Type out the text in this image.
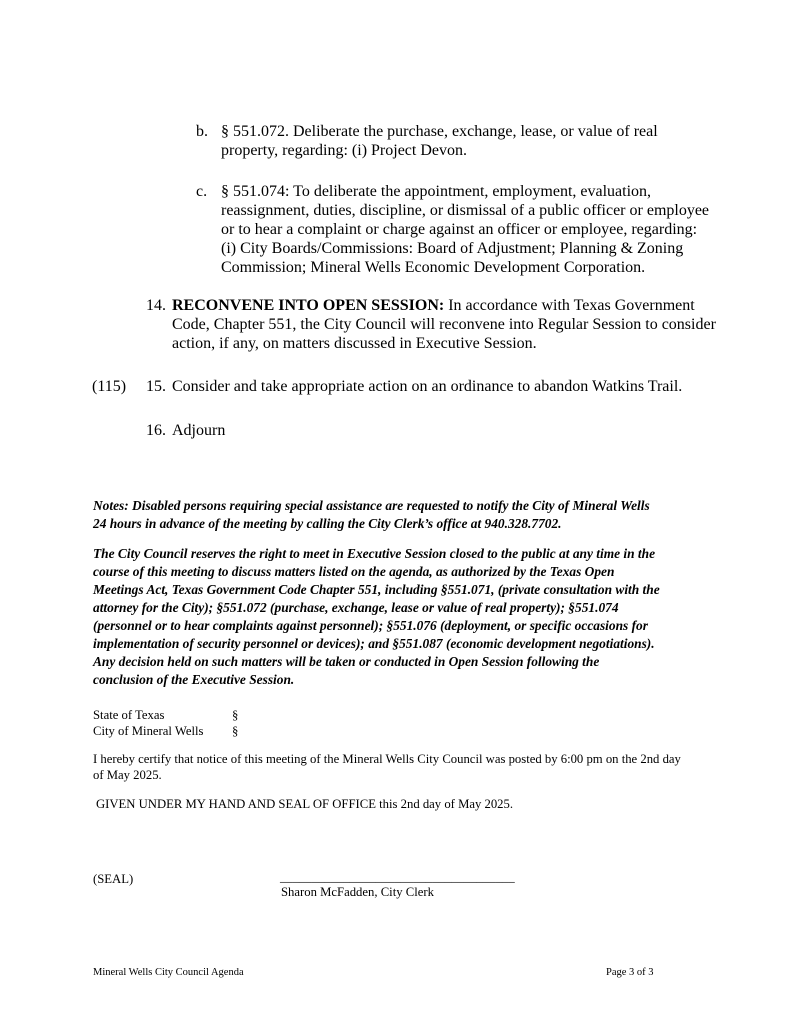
b. § 551.072. Deliberate the purchase, exchange, lease, or value of real
property, regarding: (i) Project Devon.
c. § 551.074: To deliberate the appointment, employment, evaluation,
reassignment, duties, discipline, or dismissal of a public officer or employee
or to hear a complaint or charge against an officer or employee, regarding:
(i) City Boards/Commissions: Board of Adjustment; Planning & Zoning
Commission; Mineral Wells Economic Development Corporation.
14. RECONVENE INTO OPEN SESSION: In accordance with Texas Government
Code, Chapter 551, the City Council will reconvene into Regular Session to consider
action, if any, on matters discussed in Executive Session.
(115) 15. Consider and take appropriate action on an ordinance to abandon Watkins Trail.
16. Adjourn
Notes: Disabled persons requiring special assistance are requested to notify the City of Mineral Wells
24 hours in advance of the meeting by calling the City Clerk’s office at 940.328.7702.
The City Council reserves the right to meet in Executive Session closed to the public at any time in the
course of this meeting to discuss matters listed on the agenda, as authorized by the Texas Open
Meetings Act, Texas Government Code Chapter 551, including §551.071, (private consultation with the
attorney for the City); §551.072 (purchase, exchange, lease or value of real property); §551.074
(personnel or to hear complaints against personnel); §551.076 (deployment, or specific occasions for
implementation of security personnel or devices); and §551.087 (economic development negotiations).
Any decision held on such matters will be taken or conducted in Open Session following the
conclusion of the Executive Session.
State of Texas	§
City of Mineral Wells §
I hereby certify that notice of this meeting of the Mineral Wells City Council was posted by 6:00 pm on the 2nd day
of May 2025.
GIVEN UNDER MY HAND AND SEAL OF OFFICE this 2nd day of May 2025.
(SEAL)	_____________________________________
Sharon McFadden, City Clerk
Mineral Wells City Council Agenda	Page 3 of 3
